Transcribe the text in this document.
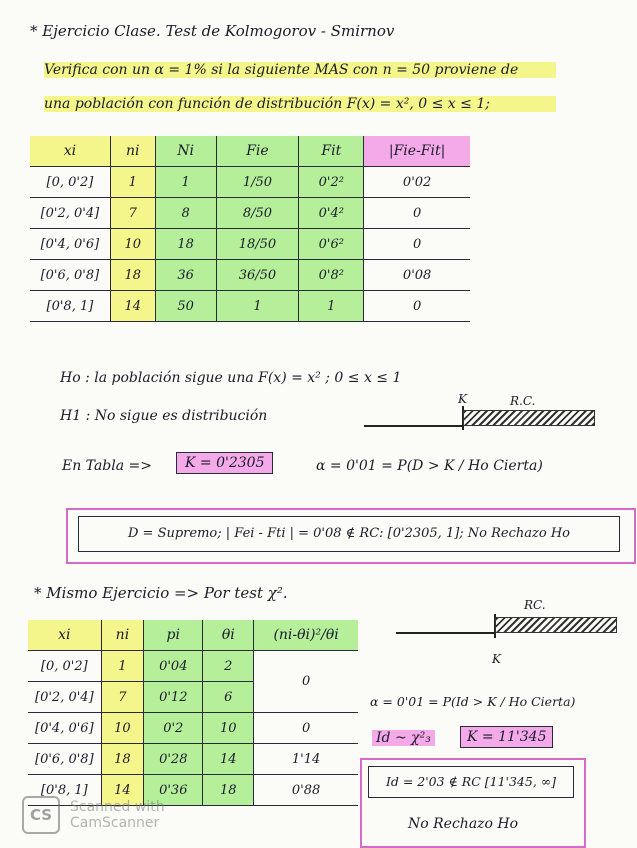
* Ejercicio Clase. Test de Kolmogorov - Smirnov
Verifica con un α = 1% si la siguiente MAS con n = 50 proviene de
una población con función de distribución F(x) = x², 0 ≤ x ≤ 1;
xi	ni	Ni	Fie	Fit	|Fie-Fit|
[0, 0'2]	1	1	1/50	0'2²	0'02
[0'2, 0'4]	7	8	8/50	0'4²	0
[0'4, 0'6]	10	18	18/50	0'6²	0
[0'6, 0'8]	18	36	36/50	0'8²	0'08
[0'8, 1]	14	50	1	1	0
Ho : la población sigue una F(x) = x² ; 0 ≤ x ≤ 1
H1 : No sigue es distribución
K	R.C.
En Tabla =>	K = 0'2305	α = 0'01 = P(D > K / Ho Cierta)
D = Supremo; | Fei - Fti | = 0'08 ∉ RC: [0'2305, 1]; No Rechazo Ho
* Mismo Ejercicio => Por test χ².
xi	ni	pi	θi	(ni-θi)²/θi
[0, 0'2]	1	0'04	2	0
[0'2, 0'4]	7	0'12	6	
[0'4, 0'6]	10	0'2	10	0
[0'6, 0'8]	18	0'28	14	1'14
[0'8, 1]	14	0'36	18	0'88
RC.
K
α = 0'01 = P(Id > K / Ho Cierta)
Id ~ χ²₃	K = 11'345
Id = 2'03 ∉ RC [11'345, ∞]
No Rechazo Ho
CS	Scanned with
CamScanner
